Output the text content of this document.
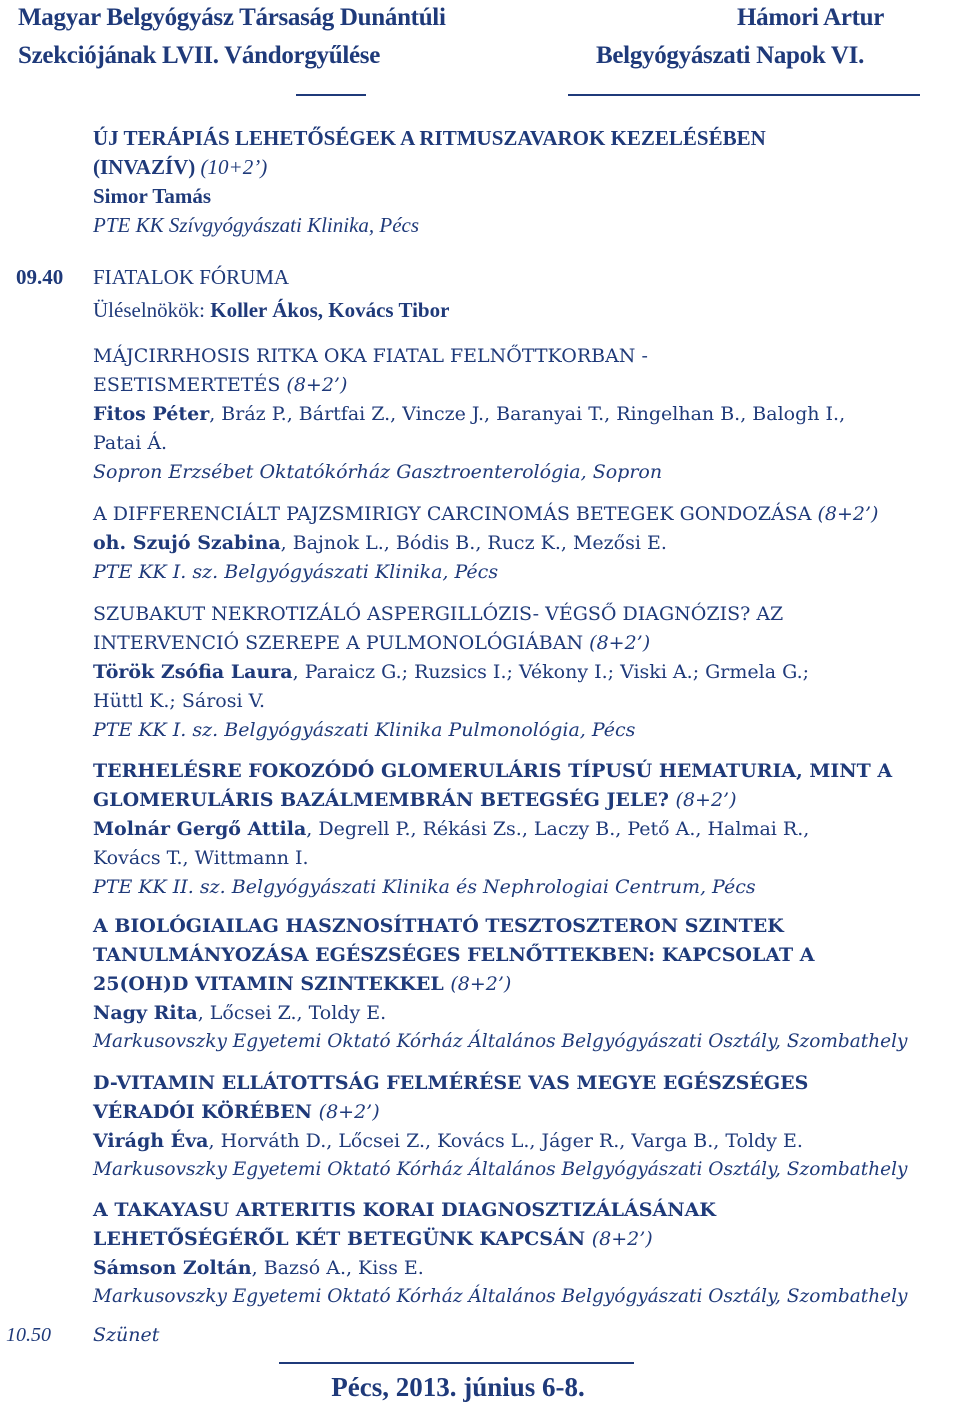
Magyar Belgyógyász Társaság Dunántúli
Szekciójának LVII. Vándorgyűlése
Hámori Artur
Belgyógyászati Napok VI.
ÚJ TERÁPIÁS LEHETŐSÉGEK A RITMUSZAVAROK KEZELÉSÉBEN
(INVAZÍV) (10+2’)
Simor Tamás
PTE KK Szívgyógyászati Klinika, Pécs
09.40 FIATALOK FÓRUMA
Üléselnökök: Koller Ákos, Kovács Tibor
MÁJCIRRHOSIS RITKA OKA FIATAL FELNŐTTKORBAN -
ESETISMERTETÉS (8+2’)
Fitos Péter, Bráz P., Bártfai Z., Vincze J., Baranyai T., Ringelhan B., Balogh I.,
Patai Á.
Sopron Erzsébet Oktatókórház Gasztroenterológia, Sopron
A DIFFERENCIÁLT PAJZSMIRIGY CARCINOMÁS BETEGEK GONDOZÁSA (8+2’)
oh. Szujó Szabina, Bajnok L., Bódis B., Rucz K., Mezősi E.
PTE KK I. sz. Belgyógyászati Klinika, Pécs
SZUBAKUT NEKROTIZÁLÓ ASPERGILLÓZIS- VÉGSŐ DIAGNÓZIS? AZ
INTERVENCIÓ SZEREPE A PULMONOLÓGIÁBAN (8+2’)
Török Zsófia Laura, Paraicz G.; Ruzsics I.; Vékony I.; Viski A.; Grmela G.;
Hüttl K.; Sárosi V.
PTE KK I. sz. Belgyógyászati Klinika Pulmonológia, Pécs
TERHELÉSRE FOKOZÓDÓ GLOMERULÁRIS TÍPUSÚ HEMATURIA, MINT A
GLOMERULÁRIS BAZÁLMEMBRÁN BETEGSÉG JELE? (8+2’)
Molnár Gergő Attila, Degrell P., Rékási Zs., Laczy B., Pető A., Halmai R.,
Kovács T., Wittmann I.
PTE KK II. sz. Belgyógyászati Klinika és Nephrologiai Centrum, Pécs
A BIOLÓGIAILAG HASZNOSÍTHATÓ TESZTOSZTERON SZINTEK
TANULMÁNYOZÁSA EGÉSZSÉGES FELNŐTTEKBEN: KAPCSOLAT A
25(OH)D VITAMIN SZINTEKKEL (8+2’)
Nagy Rita, Lőcsei Z., Toldy E.
Markusovszky Egyetemi Oktató Kórház Általános Belgyógyászati Osztály, Szombathely
D-VITAMIN ELLÁTOTTSÁG FELMÉRÉSE VAS MEGYE EGÉSZSÉGES
VÉRADÓI KÖRÉBEN (8+2’)
Virágh Éva, Horváth D., Lőcsei Z., Kovács L., Jáger R., Varga B., Toldy E.
Markusovszky Egyetemi Oktató Kórház Általános Belgyógyászati Osztály, Szombathely
A TAKAYASU ARTERITIS KORAI DIAGNOSZTIZÁLÁSÁNAK
LEHETŐSÉGÉRŐL KÉT BETEGÜNK KAPCSÁN (8+2’)
Sámson Zoltán, Bazsó A., Kiss E.
Markusovszky Egyetemi Oktató Kórház Általános Belgyógyászati Osztály, Szombathely
10.50 Szünet
Pécs, 2013. június 6-8.
